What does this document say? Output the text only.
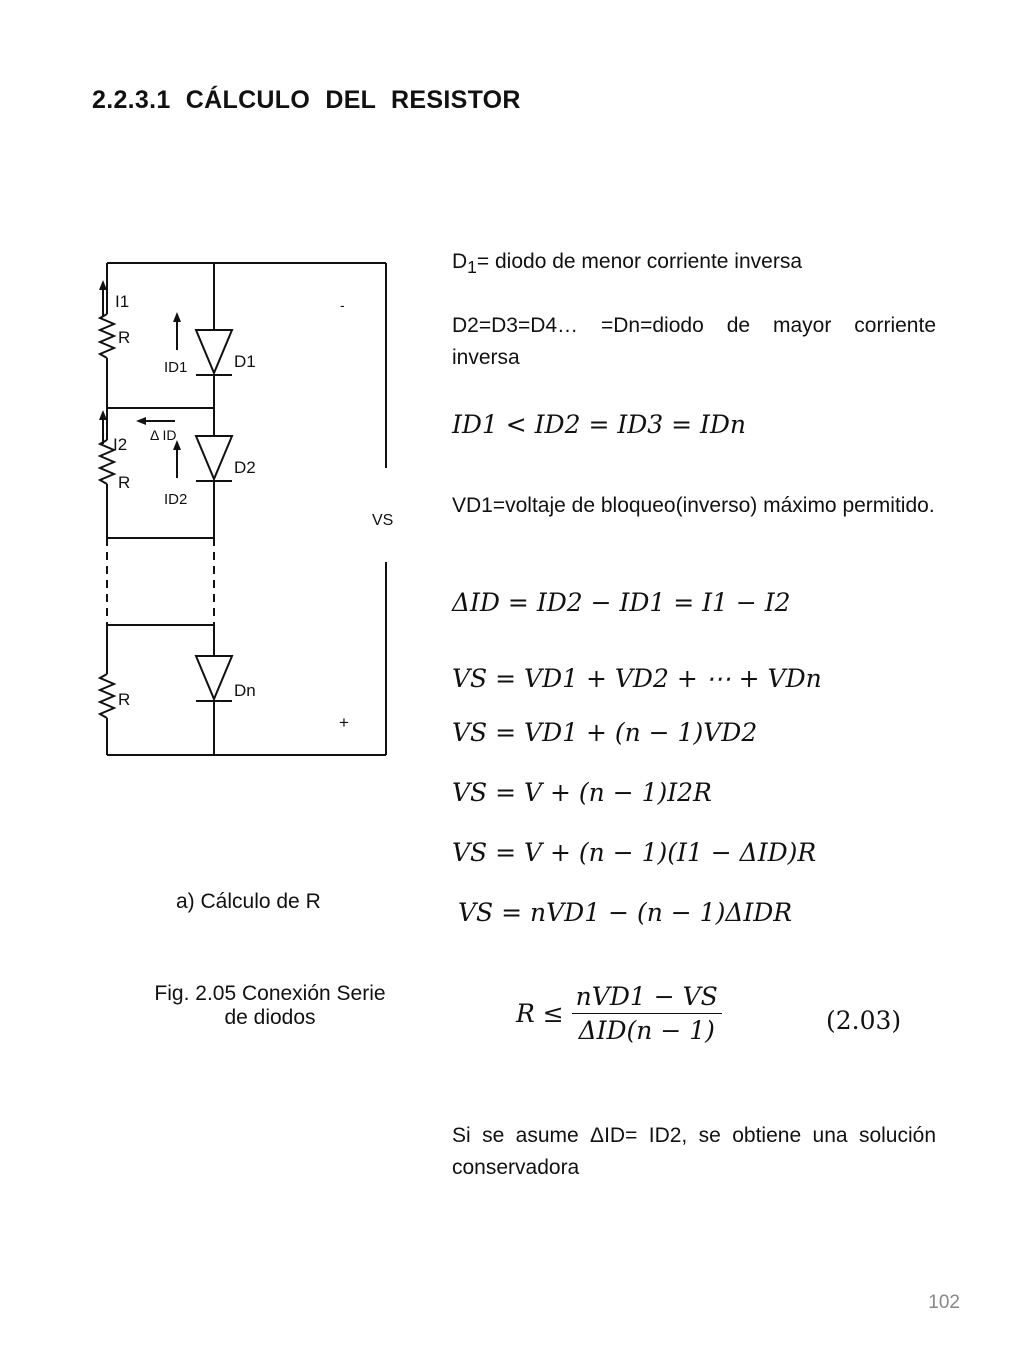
2.2.3.1 CÁLCULO DEL RESISTOR
I1
R
ID1	D1
-
Δ ID
I2
R
D2
ID2
VS
R	Dn
+
a) Cálculo de R
Fig. 2.05 Conexión Serie
de diodos
$D_1=$ diodo de menor corriente inversa
D2=D3=D4… =Dn=diodo de mayor corriente inversa
ID1 < ID2 = ID3 = IDn
VD1=voltaje de bloqueo(inverso) máximo permitido.
ΔID = ID2 − ID1 = I1 − I2
VS = VD1 + VD2 + ⋯ + VDn
VS = VD1 + (n − 1)VD2
VS = V + (n − 1)I2R
VS = V + (n − 1)(I1 − ΔID)R
VS = nVD1 − (n − 1)ΔIDR
$R \le \frac{\text{nVD1 − VS}}{\text{ΔID(n − 1)}}$	(2.03)
Si se asume ΔID= ID2, se obtiene una solución conservadora
102
